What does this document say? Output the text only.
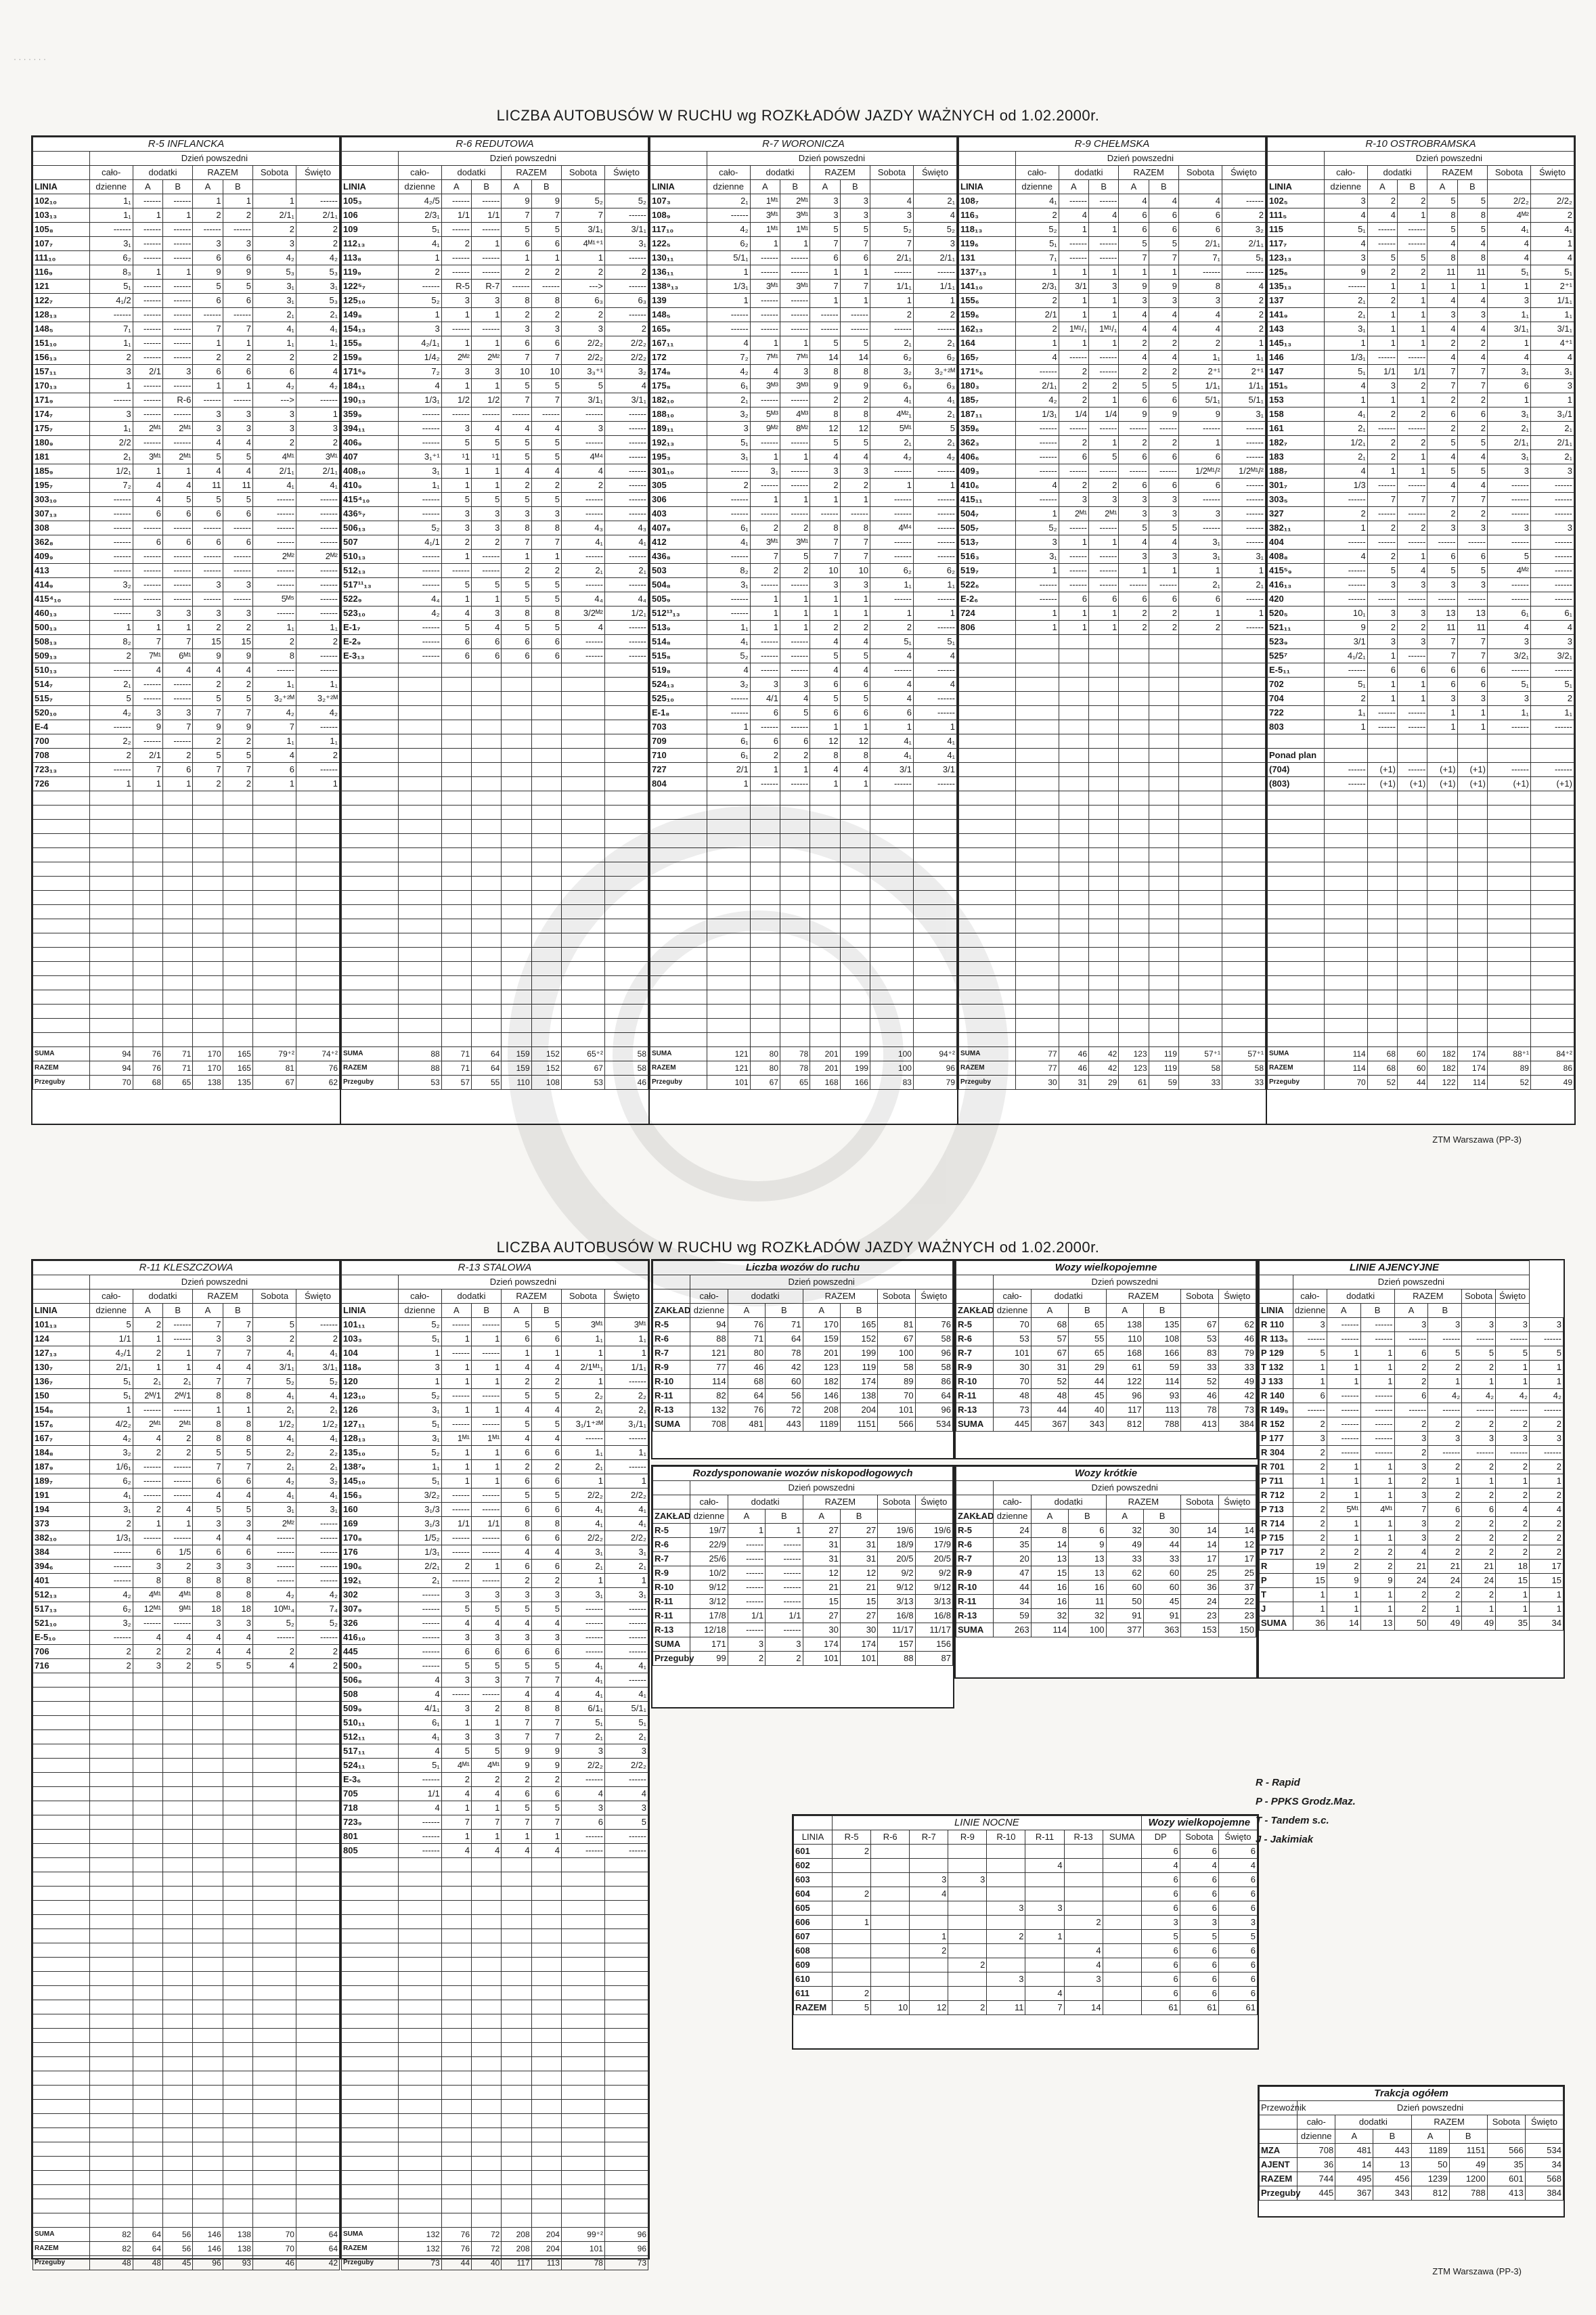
· · · · · · ·
LICZBA AUTOBUSÓW W RUCHU wg ROZKŁADÓW JAZDY WAŻNYCH od 1.02.2000r.
R-5 INFLANCKA							
	Dzień powszedni						
	cało-	dodatki		RAZEM		Sobota	Święto
LINIA	dzienne	A	B	A	B		
102₁₀	1₁	------	------	1	1	1	------
103₁₃	1₁	1	1	2	2	2/1₁	2/1₁
105₈	------	------	------	------	------	2	2
107₇	3₁	------	------	3	3	3	2
111₁₀	6₂	------	------	6	6	4₂	4₂
116₉	8₃	1	1	9	9	5₃	5₃
121	5₁	------	------	5	5	3₁	3₁
122₇	4₁/2	------	------	6	6	3₁	5₃
128₁₃	------	------	------	------	------	2₁	2₁
148₅	7₁	------	------	7	7	4₁	4₁
151₁₀	1₁	------	------	1	1	1₁	1₁
156₁₃	2	------	------	2	2	2	2
157₁₁	3	2/1	3	6	6	6	4
170₁₃	1	------	------	1	1	4₂	4₂
171₉	------	------	R-6	------	------	--->	------
174₇	3	------	------	3	3	3	1
175₇	1₁	2ᴹ¹	2ᴹ¹	3	3	3	3
180₉	2/2	------	------	4	4	2	2
181	2₁	3ᴹ¹	2ᴹ¹	5	5	4ᴹ¹	3ᴹ¹
185₉	1/2₁	1	1	4	4	2/1₁	2/1₁
195₇	7₂	4	4	11	11	4₁	4₁
303₁₀	------	4	5	5	5	------	------
307₁₃	------	6	6	6	6	------	------
308	------	------	------	------	------	------	------
362₈	------	6	6	6	6	------	------
409₉	------	------	------	------	------	2ᴹ²	2ᴹ²
413	------	------	------	------	------	------	------
414₉	3₂	------	------	3	3	------	------
415⁴₁₀	------	------	------	------	------	5ᴹ⁵	------
460₁₃	------	3	3	3	3	------	------
500₁₃	1	1	1	2	2	1₁	1₁
508₁₃	8₂	7	7	15	15	2	2
509₁₃	2	7ᴹ¹	6ᴹ¹	9	9	8	------
510₁₃	------	4	4	4	4	------	------
514₇	2₁	------	------	2	2	1₁	1₁
515₇	5	------	------	5	5	3₂⁺²ᴹ	3₂⁺²ᴹ
520₁₀	4₂	3	3	7	7	4₂	4₂
E-4	------	9	7	9	9	7	------
700	2₂	------	------	2	2	1₁	1₁
708	2	2/1	2	5	5	4	2
723₁₃	------	7	6	7	7	6	------
726	1	1	1	2	2	1	1

SUMA	94	76	71	170	165	79⁺²	74⁺²
RAZEM	94	76	71	170	165	81	76
Przeguby	70	68	65	138	135	67	62
R-6 REDUTOWA							
	Dzień powszedni						
	cało-	dodatki		RAZEM		Sobota	Święto
LINIA	dzienne	A	B	A	B		
105₃	4₂/5	------	------	9	9	5₂	5₂
106	2/3₁	1/1	1/1	7	7	7	------
109	5₁	------	------	5	5	3/1₁	3/1₁
112₁₃	4₁	2	1	6	6	4ᴹ¹⁺¹	3₁
113₈	1	------	------	1	1	1	------
119₉	2	------	------	2	2	2	2
122⁵₇	------	R-5	R-7	------	------	--->	------
125₁₀	5₂	3	3	8	8	6₃	6₃
149₈	1	1	1	2	2	2	------
154₁₃	3	------	------	3	3	3	2
155₈	4₂/1₁	1	1	6	6	2/2₂	2/2₂
159₈	1/4₂	2ᴹ²	2ᴹ²	7	7	2/2₂	2/2₂
171⁶₉	7₂	3	3	10	10	3₃⁺¹	3₂
184₁₁	4	1	1	5	5	5	4
190₁₃	1/3₁	1/2	1/2	7	7	3/1₁	3/1₁
359₉	------	------	------	------	------	------	------
394₁₁	------	3	4	4	4	3	------
406₉	------	5	5	5	5	------	------
407	3₁⁺¹	¹1	¹1	5	5	4ᴹ⁴	------
408₁₀	3₁	1	1	4	4	4	------
410₉	1₁	1	1	2	2	2	------
415⁴₁₀	------	5	5	5	5	------	------
436⁵₇	------	3	3	3	3	------	------
506₁₃	5₂	3	3	8	8	4₃	4₃
507	4₁/1	2	2	7	7	4₁	4₁
510₁₃	------	1	------	1	1	------	------
512₁₃	------	------	------	2	2	2₁	2₁
517¹¹₁₃	------	5	5	5	5	------	------
522₉	4₄	1	1	5	5	4₄	4₄
523₁₀	4₂	4	3	8	8	3/2ᴹ²	1/2₁
E-1₇	------	5	4	5	5	4	------
E-2₉	------	6	6	6	6	------	------
E-3₁₃	------	6	6	6	6	------	------

SUMA	88	71	64	159	152	65⁺²	58
RAZEM	88	71	64	159	152	67	58
Przeguby	53	57	55	110	108	53	46
R-7 WORONICZA							
	Dzień powszedni						
	cało-	dodatki		RAZEM		Sobota	Święto
LINIA	dzienne	A	B	A	B		
107₃	2₁	1ᴹ¹	2ᴹ¹	3	3	4	2₁
108₉	------	3ᴹ¹	3ᴹ¹	3	3	3	4
117₁₀	4₂	1ᴹ¹	1ᴹ¹	5	5	5₂	5₂
122₅	6₂	1	1	7	7	7	3
130₁₁	5/1₁	------	------	6	6	2/1₁	2/1₁
136₁₁	1	------	------	1	1	------	------
138⁹₁₃	1/3₁	3ᴹ¹	3ᴹ¹	7	7	1/1₁	1/1₁
139	1	------	------	1	1	1	1
148₅	------	------	------	------	------	2	2
165₉	------	------	------	------	------	------	------
167₁₁	4	1	1	5	5	2₁	2₁
172	7₂	7ᴹ¹	7ᴹ¹	14	14	6₂	6₂
174₈	4₂	4	3	8	8	3₂	3₂⁺²ᴹ
175₈	6₁	3ᴹ³	3ᴹ³	9	9	6₃	6₃
182₁₀	2₁	------	------	2	2	4₁	4₁
188₁₀	3₂	5ᴹ³	4ᴹ³	8	8	4ᴹ²₁	2₁
189₁₁	3	9ᴹ²	8ᴹ²	12	12	5ᴹ¹	5
192₁₃	5₁	------	------	5	5	2₁	2₁
195₃	3₁	1	1	4	4	4₂	4₂
301₁₀	------	3₁	------	3	3	------	------
305	2	------	------	2	2	1	1
306	------	1	1	1	1	------	------
403	------	------	------	------	------	------	------
407₈	6₁	2	2	8	8	4ᴹ⁴	------
412	4₁	3ᴹ¹	3ᴹ¹	7	7	------	------
436₈	------	7	5	7	7	------	------
503	8₂	2	2	10	10	6₂	6₂
504₈	3₁	------	------	3	3	1₁	1₁
505₉	------	1	1	1	1	------	------
512¹³₁₃	------	1	1	1	1	1	1
513₉	1₁	1	1	2	2	2	------
514₈	4₁	------	------	4	4	5₁	5₁
515₈	5₂	------	------	5	5	4	4
519₈	4	------	------	4	4	------	------
524₁₃	3₂	3	3	6	6	4	4
525₁₀	------	4/1	4	5	5	4	------
E-1₈	------	6	5	6	6	6	------
703	1	------	------	1	1	1	1
709	6₁	6	6	12	12	4₁	4₁
710	6₁	2	2	8	8	4₁	4₁
727	2/1	1	1	4	4	3/1	3/1
804	1	------	------	1	1	------	------

SUMA	121	80	78	201	199	100	94⁺²
RAZEM	121	80	78	201	199	100	96
Przeguby	101	67	65	168	166	83	79
R-9 CHEŁMSKA							
	Dzień powszedni						
	cało-	dodatki		RAZEM		Sobota	Święto
LINIA	dzienne	A	B	A	B		
108₇	4₁	------	------	4	4	4	------
116₃	2	4	4	6	6	6	2
118₁₃	5₂	1	1	6	6	6	3₂
119₆	5₁	------	------	5	5	2/1₁	2/1₁
131	7₁	------	------	7	7	7₁	5₁
137⁷₁₃	1	1	1	1	1	------	------
141₁₀	2/3₁	3/1	3	9	9	8	4
155₆	2	1	1	3	3	3	2
159₆	2/1	1	1	4	4	4	2
162₁₃	2	1ᴹ¹/₁	1ᴹ¹/₁	4	4	4	2
164	1	1	1	2	2	2	1
165₇	4	------	------	4	4	1₁	1₁
171⁵₆	------	2	------	2	2	2⁺¹	2⁺¹
180₃	2/1₁	2	2	5	5	1/1₁	1/1₁
185₇	4₂	2	1	6	6	5/1₁	5/1₁
187₁₁	1/3₁	1/4	1/4	9	9	9	3₁
359₆	------	------	------	------	------	------	------
362₃	------	2	1	2	2	1	------
406₆	------	6	5	6	6	6	------
409₃	------	------	------	------	------	1/2ᴹ¹/²	1/2ᴹ¹/²
410₆	4	2	2	6	6	6	------
415₁₁	------	3	3	3	3	------	------
504₇	1	2ᴹ¹	2ᴹ¹	3	3	3	------
505₇	5₂	------	------	5	5	------	------
513₇	3	1	1	4	4	3₁	------
516₃	3₁	------	------	3	3	3₁	3₁
519₇	1	------	------	1	1	1	1
522₆	------	------	------	------	------	2₁	2₁
E-2₆	------	6	6	6	6	6	------
724	1	1	1	2	2	1	1
806	1	1	1	2	2	2	------

SUMA	77	46	42	123	119	57⁺¹	57⁺¹
RAZEM	77	46	42	123	119	58	58
Przeguby	30	31	29	61	59	33	33
R-10 OSTROBRAMSKA							
	Dzień powszedni						
	cało-	dodatki		RAZEM		Sobota	Święto
LINIA	dzienne	A	B	A	B		
102₅	3	2	2	5	5	2/2₂	2/2₂
111₅	4	4	1	8	8	4ᴹ²	2
115	5₁	------	------	5	5	4₁	4₁
117₇	4	------	------	4	4	4	1
123₁₃	3	5	5	8	8	4	4
125₆	9	2	2	11	11	5₁	5₁
135₁₃	------	1	1	1	1	1	2⁺¹
137	2₁	2	1	4	4	3	1/1₁
141₉	2₁	1	1	3	3	1₁	1₁
143	3₁	1	1	4	4	3/1₁	3/1₁
145₁₃	1	1	1	2	2	1	4⁺¹
146	1/3₁	------	------	4	4	4	4
147	5₁	1/1	1/1	7	7	3₁	3₁
151₅	4	3	2	7	7	6	3
153	1	1	1	2	2	1	1
158	4₁	2	2	6	6	3₁	3₁/1
161	2₁	------	------	2	2	2₁	2₁
182₇	1/2₁	2	2	5	5	2/1₁	2/1₁
183	2₁	2	1	4	4	3₁	2₁
188₇	4	1	1	5	5	3	3
301₇	1/3	------	------	4	4	------	------
303₅	------	7	7	7	7	------	------
327	2	------	------	2	2	------	------
382₁₁	1	2	2	3	3	3	3
404	------	------	------	------	------	------	------
408₈	4	2	1	6	6	5	------
415⁵₉	------	5	4	5	5	4ᴹ²	------
416₁₃	------	3	3	3	3	------	------
420	------	------	------	------	------	------	------
520₅	10₁	3	3	13	13	6₁	6₁
521₁₁	9	2	2	11	11	4	4
523₉	3/1	3	3	7	7	3	3
525⁷	4₁/2₁	1	------	7	7	3/2₁	3/2₁
E-5₁₁	------	6	6	6	6	------	------
702	5₁	1	1	6	6	5₁	5₁
704	2	1	1	3	3	3	2
722	1₁	------	------	1	1	1₁	1₁
803	1	------	------	1	1	------	------

Ponad plan							
(704)	------	(+1)	------	(+1)	(+1)	------	------
(803)	------	(+1)	(+1)	(+1)	(+1)	(+1)	(+1)

SUMA	114	68	60	182	174	88⁺¹	84⁺²
RAZEM	114	68	60	182	174	89	86
Przeguby	70	52	44	122	114	52	49
ZTM Warszawa (PP-3)
LICZBA AUTOBUSÓW W RUCHU wg ROZKŁADÓW JAZDY WAŻNYCH od 1.02.2000r.
R-11 KLESZCZOWA							
	Dzień powszedni						
	cało-	dodatki		RAZEM		Sobota	Święto
LINIA	dzienne	A	B	A	B		
101₁₃	5	2	------	7	7	5	------
124	1/1	1	------	3	3	2	2
127₁₃	4₂/1	2	1	7	7	4₁	4₁
130₇	2/1₁	1	1	4	4	3/1₁	3/1₁
136₇	5₁	2₁	2₁	7	7	5₂	5₂
150	5₁	2ᴹ/1	2ᴹ/1	8	8	4₁	4₁
154₈	1	------	------	1	1	2₁	2₁
157₆	4/2₂	2ᴹ¹	2ᴹ¹	8	8	1/2₂	1/2₂
167₇	4₂	4	2	8	8	4₁	4₁
184₈	3₂	2	2	5	5	2₂	2₂
187₉	1/6₁	------	------	7	7	2₁	2₁
189₇	6₂	------	------	6	6	4₂	3₂
191	4₁	------	------	4	4	4₁	4₁
194	3₁	2	4	5	5	3₁	3₁
373	2	1	1	3	3	2ᴹ²	------
382₁₀	1/3₁	------	------	4	4	------	------
384	------	6	1/5	6	6	------	------
394₆	------	3	2	3	3	------	------
401	------	8	8	8	8	------	------
512₁₃	4₂	4ᴹ¹	4ᴹ¹	8	8	4₂	4₂
517₁₃	6₂	12ᴹ¹	9ᴹ¹	18	18	10ᴹ¹₄	7₄
521₁₀	3₂	------	------	3	3	5₂	5₂
E-5₁₀	------	4	4	4	4	------	------
706	2	2	2	4	4	2	2
716	2	3	2	5	5	4	2

SUMA	82	64	56	146	138	70	64
RAZEM	82	64	56	146	138	70	64
Przeguby	48	48	45	96	93	46	42
R-13 STALOWA							
	Dzień powszedni						
	cało-	dodatki		RAZEM		Sobota	Święto
LINIA	dzienne	A	B	A	B		
101₁₁	5₂	------	------	5	5	3ᴹ¹	3ᴹ¹
103₃	5₁	1	1	6	6	1₁	1₁
104	1	------	------	1	1	1	1
118₉	3	1	1	4	4	2/1ᴹ¹₁	1/1₁
120	1	1	1	2	2	1	------
123₁₀	5₂	------	------	5	5	2₂	2₂
126	3₁	1	1	4	4	2₁	2₁
127₁₁	5₁	------	------	5	5	3₁/1⁺²ᴹ	3₁/1₁
128₁₃	3₁	1ᴹ¹	1ᴹ¹	4	4	------	------
135₁₀	5₂	1	1	6	6	1₁	1₁
138⁷₉	1₁	1	1	2	2	2₁	------
145₁₀	5₁	1	1	6	6	1	1
156₃	3/2₂	------	------	5	5	2/2₂	2/2₂
160	3₁/3	------	------	6	6	4₁	4₁
169	3₁/3	1/1	1/1	8	8	4₁	4₁
170₈	1/5₂	------	------	6	6	2/2₂	2/2₂
176	1/3₁	------	------	4	4	3₁	3₁
190₆	2/2₁	2	1	6	6	2₁	2₁
192₁	2₁	------	------	2	2	1	1
302	------	3	3	3	3	3₁	3₁
307₉	------	5	5	5	5	------	------
326	------	4	4	4	4	------	------
416₁₀	------	3	3	3	3	------	------
445	------	6	6	6	6	------	------
500₃	------	5	5	5	5	4₁	4₁
506₈	4	3	3	7	7	4₁	------
508	4	------	------	4	4	4₁	4₁
509₉	4/1₁	3	2	8	8	6/1₁	5/1₁
510₁₁	6₁	1	1	7	7	5₁	5₁
512₁₁	4₁	3	3	7	7	2₁	2₁
517₁₁	4	5	5	9	9	3	3
524₁₁	5₁	4ᴹ¹	4ᴹ¹	9	9	2/2₂	2/2₂
E-3₆	------	2	2	2	2	------	------
705	1/1	4	4	6	6	4	4
718	4	1	1	5	5	3	3
723₉	------	7	7	7	7	6	5
801	------	1	1	1	1	------	------
805	------	4	4	4	4	------	------

SUMA	132	76	72	208	204	99⁺²	96
RAZEM	132	76	72	208	204	101	96
Przeguby	73	44	40	117	113	78	73
Liczba wozów do ruchu							
	Dzień powszedni						
	cało-	dodatki		RAZEM		Sobota	Święto
ZAKŁAD	dzienne	A	B	A	B		
R-5	94	76	71	170	165	81	76
R-6	88	71	64	159	152	67	58
R-7	121	80	78	201	199	100	96
R-9	77	46	42	123	119	58	58
R-10	114	68	60	182	174	89	86
R-11	82	64	56	146	138	70	64
R-13	132	76	72	208	204	101	96
SUMA	708	481	443	1189	1151	566	534
Wozy wielkopojemne							
	Dzień powszedni						
	cało-	dodatki		RAZEM		Sobota	Święto
ZAKŁAD	dzienne	A	B	A	B		
R-5	70	68	65	138	135	67	62
R-6	53	57	55	110	108	53	46
R-7	101	67	65	168	166	83	79
R-9	30	31	29	61	59	33	33
R-10	70	52	44	122	114	52	49
R-11	48	48	45	96	93	46	42
R-13	73	44	40	117	113	78	73
SUMA	445	367	343	812	788	413	384
Rozdysponowanie wozów niskopodłogowych							
	Dzień powszedni						
	cało-	dodatki		RAZEM		Sobota	Święto
ZAKŁAD	dzienne	A	B	A	B		
R-5	19/7	1	1	27	27	19/6	19/6
R-6	22/9	------	------	31	31	18/9	17/9
R-7	25/6	------	------	31	31	20/5	20/5
R-9	10/2	------	------	12	12	9/2	9/2
R-10	9/12	------	------	21	21	9/12	9/12
R-11	3/12	------	------	15	15	3/13	3/13
R-11	17/8	1/1	1/1	27	27	16/8	16/8
R-13	12/18	------	------	30	30	11/17	11/17
SUMA	171	3	3	174	174	157	156
Przeguby	99	2	2	101	101	88	87
Wozy krótkie							
	Dzień powszedni						
	cało-	dodatki		RAZEM		Sobota	Święto
ZAKŁAD	dzienne	A	B	A	B		
R-5	24	8	6	32	30	14	14
R-6	35	14	9	49	44	14	12
R-7	20	13	13	33	33	17	17
R-9	47	15	13	62	60	25	25
R-10	44	16	16	60	60	36	37
R-11	34	16	11	50	45	24	22
R-13	59	32	32	91	91	23	23
SUMA	263	114	100	377	363	153	150
LINIE AJENCYJNE								
	Dzień powszedni							
	cało-	dodatki		RAZEM		Sobota	Święto	
LINIA	dzienne	A	B	A	B			
R 110	3	------	------	3	3	3	3	3
R 113₅	------	------	------	------	------	------	------	------
P 129	5	1	1	6	5	5	5	5
T 132	1	1	1	2	2	2	1	1
J 133	1	1	1	2	1	1	1	1
R 140	6	------	------	6	4₂	4₂	4₂	4₂
R 149₅	------	------	------	------	------	------	------	------
R 152	2	------	------	2	2	2	2	2
P 177	3	------	------	3	3	3	3	3
R 304	2	------	------	2	------	------	------	------
R 701	2	1	1	3	2	2	2	2
P 711	1	1	1	2	1	1	1	1
R 712	2	1	1	3	2	2	2	2
P 713	2	5ᴹ¹	4ᴹ¹	7	6	6	4	4
R 714	2	1	1	3	2	2	2	2
P 715	2	1	1	3	2	2	2	2
P 717	2	2	2	4	2	2	2	2
R	19	2	2	21	21	21	18	17
P	15	9	9	24	24	24	15	15
T	1	1	1	2	2	2	1	1
J	1	1	1	2	1	1	1	1
SUMA	36	14	13	50	49	49	35	34
	LINIE NOCNE								Wozy wielkopojemne		
LINIA	R-5	R-6	R-7	R-9	R-10	R-11	R-13	SUMA	DP	Sobota	Święto
601	2								6	6	6
602						4			4	4	4
603			3	3					6	6	6
604	2		4						6	6	6
605					3	3			6	6	6
606	1						2		3	3	3
607			1		2	1			5	5	5
608			2				4		6	6	6
609				2			4		6	6	6
610					3		3		6	6	6
611	2					4			6	6	6
RAZEM	5	10	12	2	11	7	14		61	61	61
Trakcja ogółem							
Przewoźnik	Dzień powszedni						
	cało-	dodatki		RAZEM		Sobota	Święto
	dzienne	A	B	A	B		
MZA	708	481	443	1189	1151	566	534
AJENT	36	14	13	50	49	35	34
RAZEM	744	495	456	1239	1200	601	568
Przeguby	445	367	343	812	788	413	384
R - Rapid
P - PPKS Grodz.Maz.
T - Tandem s.c.
J - Jakimiak
ZTM Warszawa (PP-3)
